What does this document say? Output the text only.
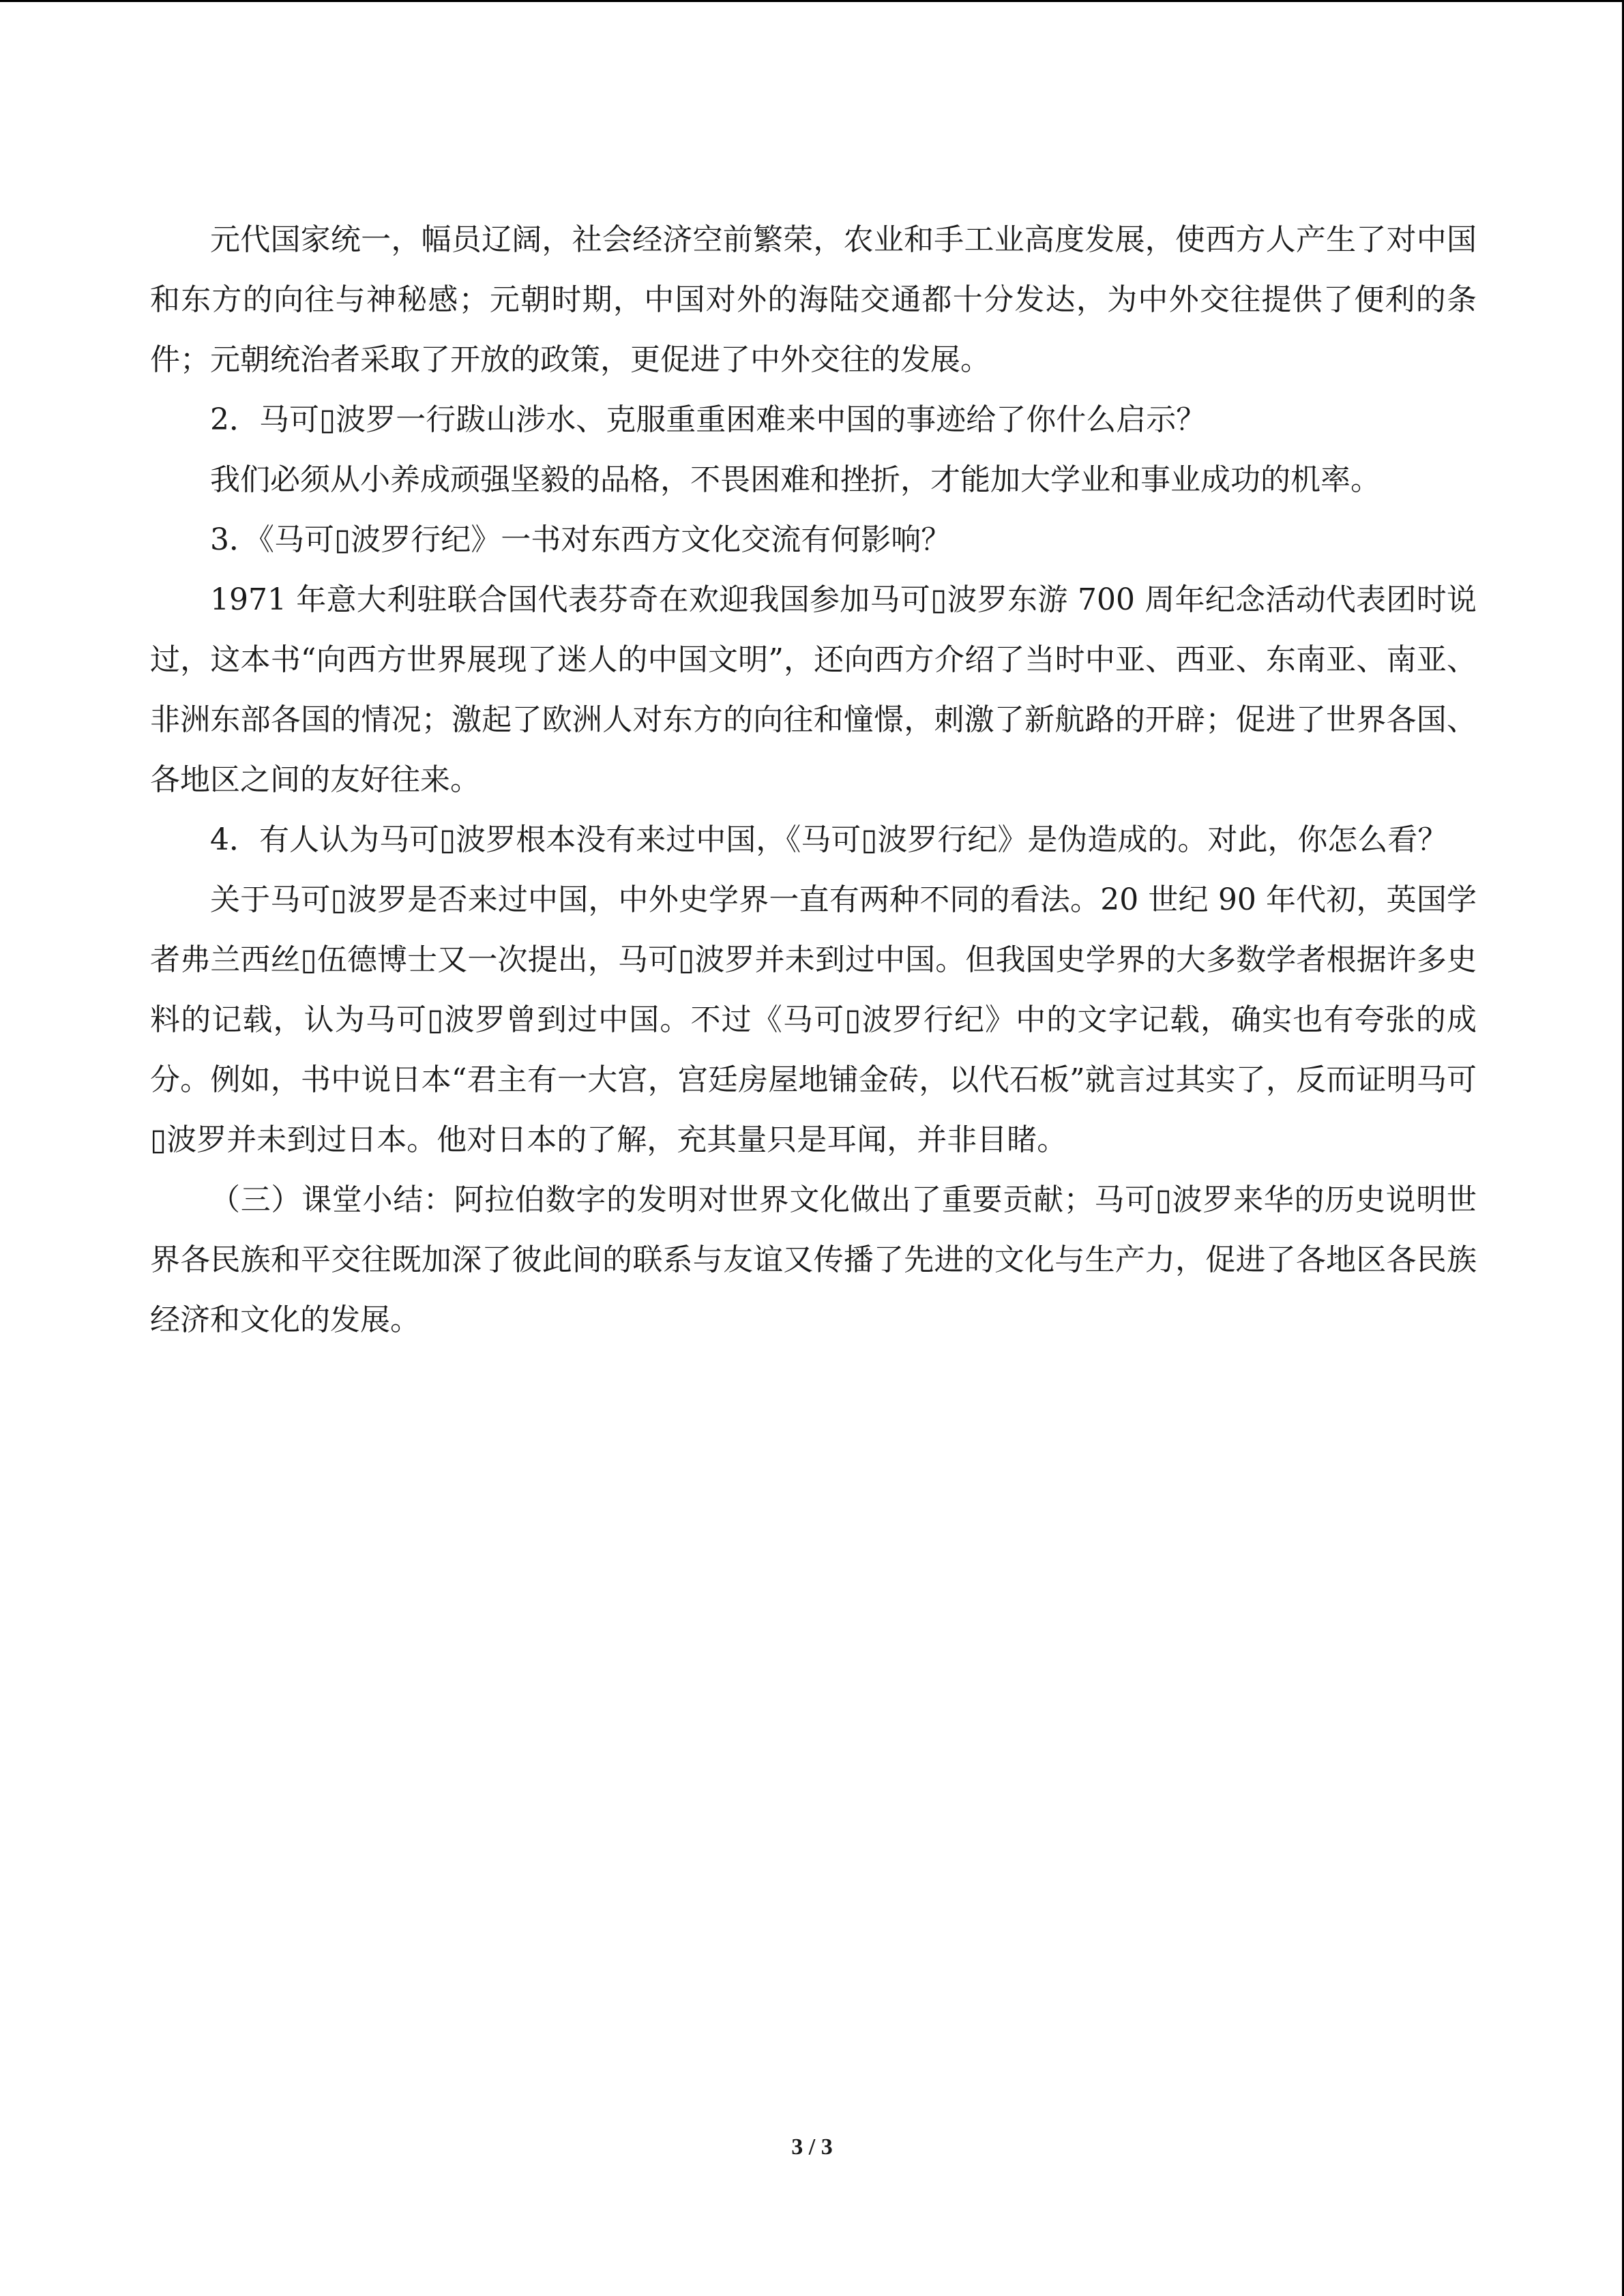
元代国家统一，幅员辽阔，社会经济空前繁荣，农业和手工业高度发展，使西方人产生了对中国和东方的向往与神秘感；元朝时期，中国对外的海陆交通都十分发达，为中外交往提供了便利的条件；元朝统治者采取了开放的政策，更促进了中外交往的发展。

2．马可▯波罗一行跋山涉水、克服重重困难来中国的事迹给了你什么启示？

我们必须从小养成顽强坚毅的品格，不畏困难和挫折，才能加大学业和事业成功的机率。

3．《马可▯波罗行纪》一书对东西方文化交流有何影响？

1971 年意大利驻联合国代表芬奇在欢迎我国参加马可▯波罗东游 700 周年纪念活动代表团时说过，这本书“向西方世界展现了迷人的中国文明”，还向西方介绍了当时中亚、西亚、东南亚、南亚、非洲东部各国的情况；激起了欧洲人对东方的向往和憧憬，刺激了新航路的开辟；促进了世界各国、各地区之间的友好往来。

4．有人认为马可▯波罗根本没有来过中国，《马可▯波罗行纪》是伪造成的。对此，你怎么看？

关于马可▯波罗是否来过中国，中外史学界一直有两种不同的看法。20 世纪 90 年代初，英国学者弗兰西丝▯伍德博士又一次提出，马可▯波罗并未到过中国。但我国史学界的大多数学者根据许多史料的记载，认为马可▯波罗曾到过中国。不过《马可▯波罗行纪》中的文字记载，确实也有夸张的成分。例如，书中说日本“君主有一大宫，宫廷房屋地铺金砖，以代石板”就言过其实了，反而证明马可▯波罗并未到过日本。他对日本的了解，充其量只是耳闻，并非目睹。

（三）课堂小结：阿拉伯数字的发明对世界文化做出了重要贡献；马可▯波罗来华的历史说明世界各民族和平交往既加深了彼此间的联系与友谊又传播了先进的文化与生产力，促进了各地区各民族经济和文化的发展。

3 / 3
